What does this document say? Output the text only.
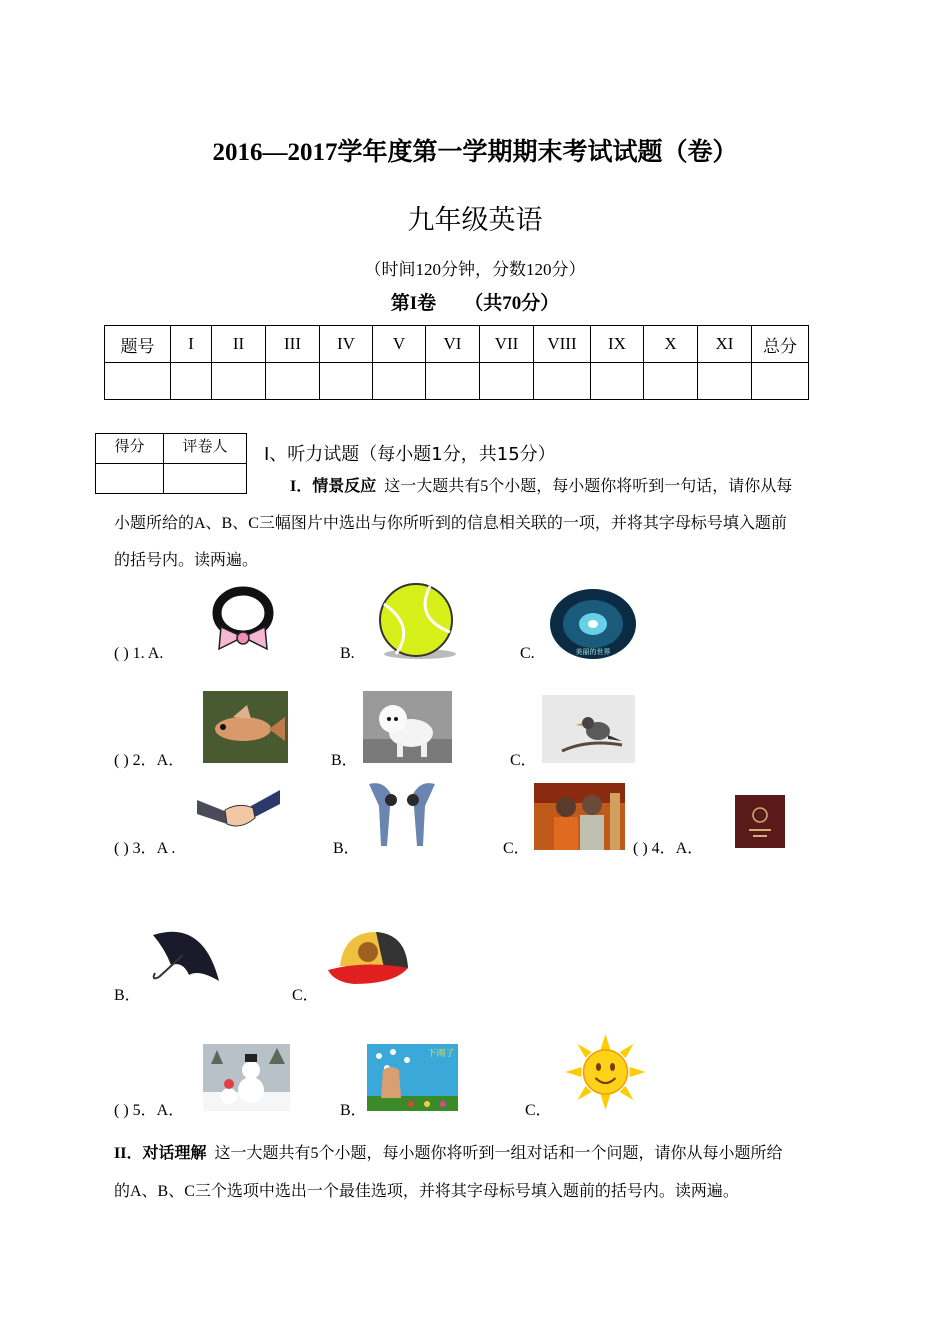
2016—2017学年度第一学期期末考试试题（卷）
九年级英语
（时间120分钟，分数120分）
第I卷 （共70分）
题号	I	II	III	IV	V	VI	VII	VIII	IX	X	XI	总分

得分	评卷人
	Ⅰ、听力试题（每小题1分，共15分）
I．情景反应 这一大题共有5个小题，每小题你将听到一句话，请你从每
小题所给的A、B、C三幅图片中选出与你所听到的信息相关联的一项，并将其字母标号填入题前
的括号内。读两遍。
( ) 1. A.	B.	C.	美丽的世界
( ) 2．A．	B．	C．
( ) 3．A .	B．	C．	( ) 4．A．
B．	C．
( ) 5．A．	B．
下雨了
C．
II．对话理解 这一大题共有5个小题，每小题你将听到一组对话和一个问题，请你从每小题所给
的A、B、C三个选项中选出一个最佳选项，并将其字母标号填入题前的括号内。读两遍。
